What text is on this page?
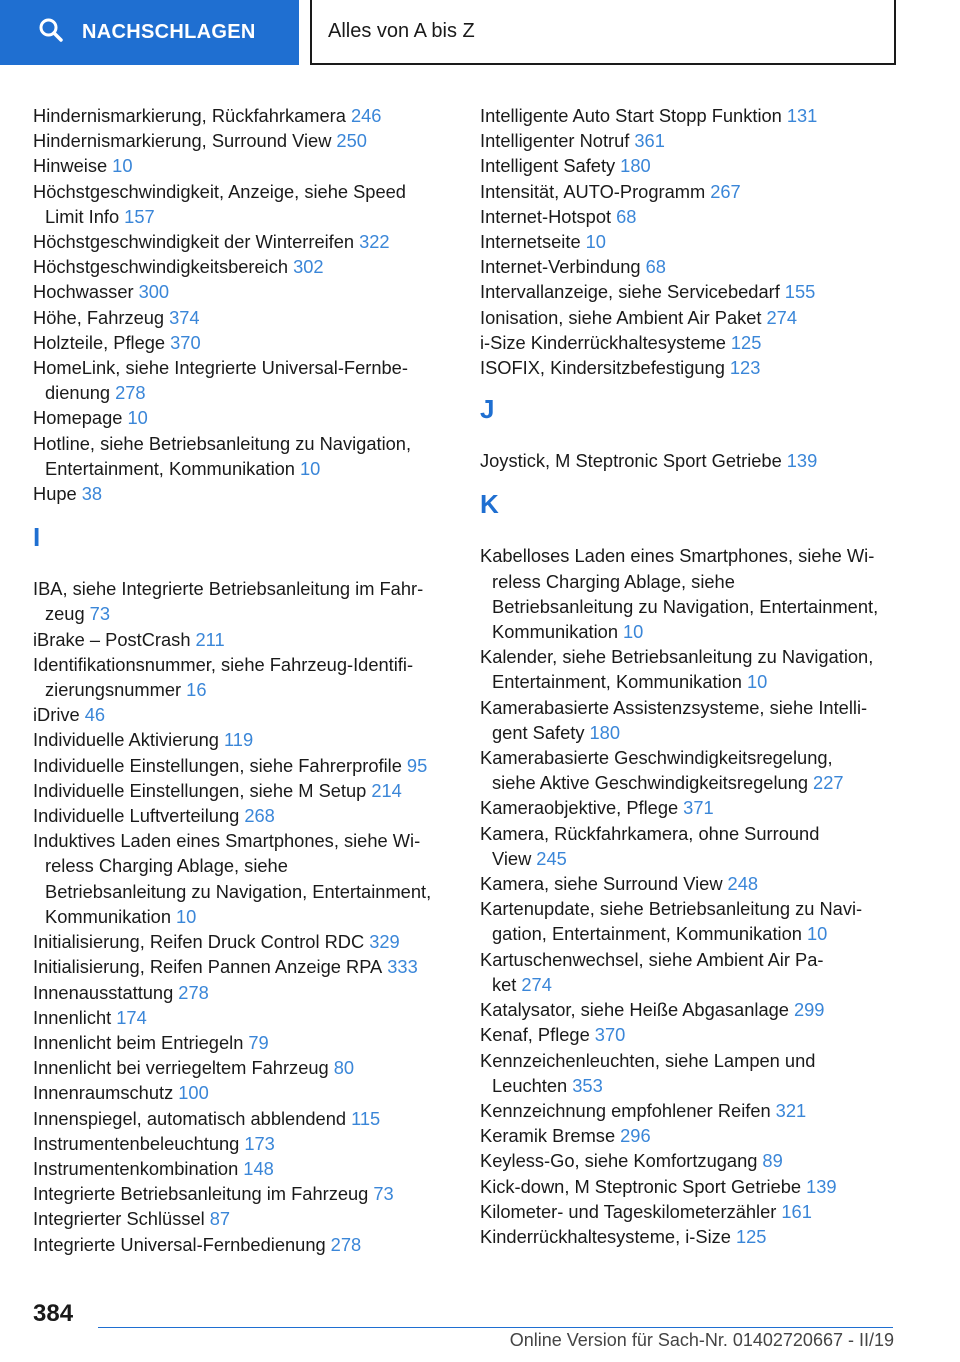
NACHSCHLAGEN	Alles von A bis Z
Hindernismarkierung, Rückfahrkamera 246
Hindernismarkierung, Surround View 250
Hinweise 10
Höchstgeschwindigkeit, Anzeige, siehe Speed
Limit Info 157
Höchstgeschwindigkeit der Winterreifen 322
Höchstgeschwindigkeitsbereich 302
Hochwasser 300
Höhe, Fahrzeug 374
Holzteile, Pflege 370
HomeLink, siehe Integrierte Universal-Fernbe-
dienung 278
Homepage 10
Hotline, siehe Betriebsanleitung zu Navigation,
Entertainment, Kommunikation 10
Hupe 38
I
IBA, siehe Integrierte Betriebsanleitung im Fahr-
zeug 73
iBrake – PostCrash 211
Identifikationsnummer, siehe Fahrzeug-Identifi-
zierungsnummer 16
iDrive 46
Individuelle Aktivierung 119
Individuelle Einstellungen, siehe Fahrerprofile 95
Individuelle Einstellungen, siehe M Setup 214
Individuelle Luftverteilung 268
Induktives Laden eines Smartphones, siehe Wi-
reless Charging Ablage, siehe
Betriebsanleitung zu Navigation, Entertainment,
Kommunikation 10
Initialisierung, Reifen Druck Control RDC 329
Initialisierung, Reifen Pannen Anzeige RPA 333
Innenausstattung 278
Innenlicht 174
Innenlicht beim Entriegeln 79
Innenlicht bei verriegeltem Fahrzeug 80
Innenraumschutz 100
Innenspiegel, automatisch abblendend 115
Instrumentenbeleuchtung 173
Instrumentenkombination 148
Integrierte Betriebsanleitung im Fahrzeug 73
Integrierter Schlüssel 87
Integrierte Universal-Fernbedienung 278
Intelligente Auto Start Stopp Funktion 131
Intelligenter Notruf 361
Intelligent Safety 180
Intensität, AUTO-Programm 267
Internet-Hotspot 68
Internetseite 10
Internet-Verbindung 68
Intervallanzeige, siehe Servicebedarf 155
Ionisation, siehe Ambient Air Paket 274
i-Size Kinderrückhaltesysteme 125
ISOFIX, Kindersitzbefestigung 123
J
Joystick, M Steptronic Sport Getriebe 139
K
Kabelloses Laden eines Smartphones, siehe Wi-
reless Charging Ablage, siehe
Betriebsanleitung zu Navigation, Entertainment,
Kommunikation 10
Kalender, siehe Betriebsanleitung zu Navigation,
Entertainment, Kommunikation 10
Kamerabasierte Assistenzsysteme, siehe Intelli-
gent Safety 180
Kamerabasierte Geschwindigkeitsregelung,
siehe Aktive Geschwindigkeitsregelung 227
Kameraobjektive, Pflege 371
Kamera, Rückfahrkamera, ohne Surround
View 245
Kamera, siehe Surround View 248
Kartenupdate, siehe Betriebsanleitung zu Navi-
gation, Entertainment, Kommunikation 10
Kartuschenwechsel, siehe Ambient Air Pa-
ket 274
Katalysator, siehe Heiße Abgasanlage 299
Kenaf, Pflege 370
Kennzeichenleuchten, siehe Lampen und
Leuchten 353
Kennzeichnung empfohlener Reifen 321
Keramik Bremse 296
Keyless-Go, siehe Komfortzugang 89
Kick-down, M Steptronic Sport Getriebe 139
Kilometer- und Tageskilometerzähler 161
Kinderrückhaltesysteme, i-Size 125
384
Online Version für Sach-Nr. 01402720667 - II/19
